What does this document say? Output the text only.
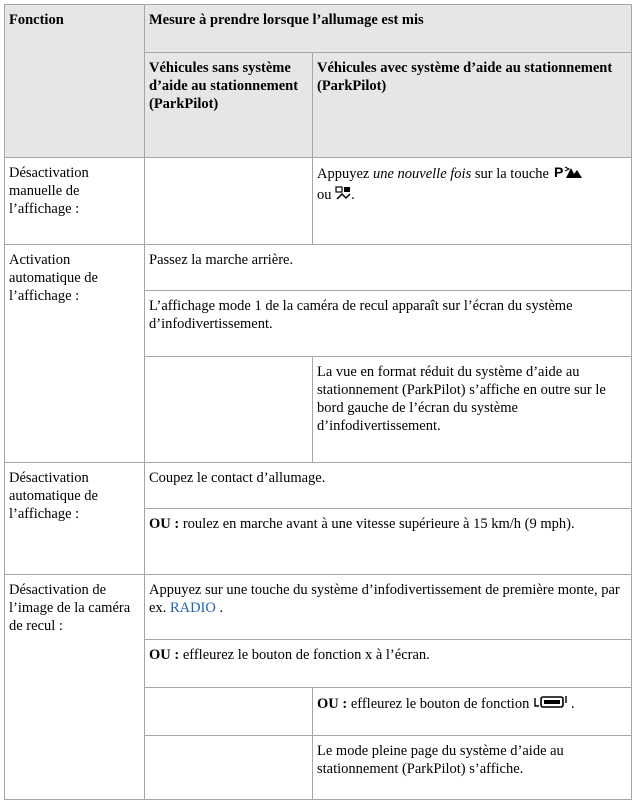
Fonction	Mesure à prendre lorsque l’allumage est mis	
	Véhicules sans système d’aide au stationnement (ParkPilot)	Véhicules avec système d’aide au stationnement (ParkPilot)
Désactivation manuelle de l’affichage :		Appuyez une nouvelle fois sur la touche P

ou .
Activation automatique de l’affichage :	Passez la marche arrière.	
	L’affichage mode 1 de la caméra de recul apparaît sur l’écran du système d’infodivertissement.	
		La vue en format réduit du système d’aide au stationnement (ParkPilot) s’affiche en outre sur le bord gauche de l’écran du système d’infodivertissement.
Désactivation automatique de l’affichage :	Coupez le contact d’allumage.	
	OU : roulez en marche avant à une vitesse supérieure à 15 km/h (9 mph).	
Désactivation de l’image de la caméra de recul :	Appuyez sur une touche du système d’infodivertissement de première monte, par ex. RADIO .	
	OU : effleurez le bouton de fonction x à l’écran.	
		OU : effleurez le bouton de fonction .
		Le mode pleine page du système d’aide au stationnement (ParkPilot) s’affiche.
